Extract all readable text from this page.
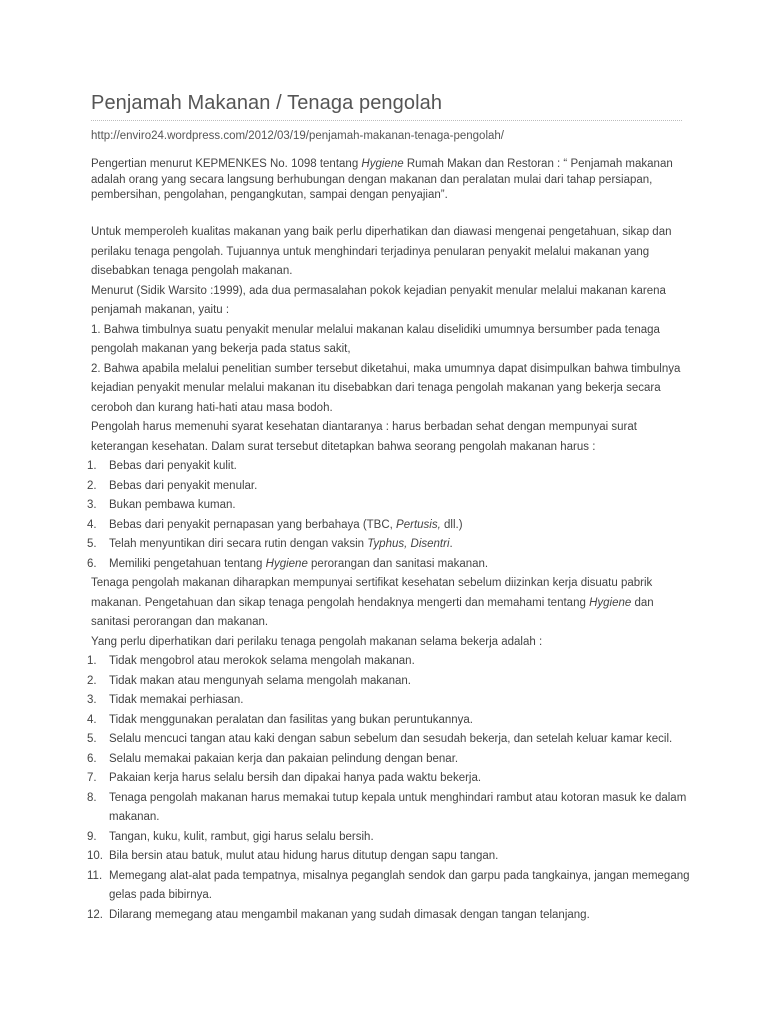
Penjamah Makanan / Tenaga pengolah
http://enviro24.wordpress.com/2012/03/19/penjamah-makanan-tenaga-pengolah/
Pengertian menurut KEPMENKES No. 1098 tentang Hygiene Rumah Makan dan Restoran : “ Penjamah makanan adalah orang yang secara langsung berhubungan dengan makanan dan peralatan mulai dari tahap persiapan, pembersihan, pengolahan, pengangkutan, sampai dengan penyajian”.

Untuk memperoleh kualitas makanan yang baik perlu diperhatikan dan diawasi mengenai pengetahuan, sikap dan perilaku tenaga pengolah. Tujuannya untuk menghindari terjadinya penularan penyakit melalui makanan yang disebabkan tenaga pengolah makanan.

Menurut (Sidik Warsito :1999), ada dua permasalahan pokok kejadian penyakit menular melalui makanan karena penjamah makanan, yaitu :

1. Bahwa timbulnya suatu penyakit menular melalui makanan kalau diselidiki umumnya bersumber pada tenaga pengolah makanan yang bekerja pada status sakit,

2. Bahwa apabila melalui penelitian sumber tersebut diketahui, maka umumnya dapat disimpulkan bahwa timbulnya kejadian penyakit menular melalui makanan itu disebabkan dari tenaga pengolah makanan yang bekerja secara ceroboh dan kurang hati-hati atau masa bodoh.

Pengolah harus memenuhi syarat kesehatan diantaranya : harus berbadan sehat dengan mempunyai surat keterangan kesehatan. Dalam surat tersebut ditetapkan bahwa seorang pengolah makanan harus :

1.	Bebas dari penyakit kulit.
2.	Bebas dari penyakit menular.
3.	Bukan pembawa kuman.
4.	Bebas dari penyakit pernapasan yang berbahaya (TBC, Pertusis, dll.)
5.	Telah menyuntikan diri secara rutin dengan vaksin Typhus, Disentri.
6.	Memiliki pengetahuan tentang Hygiene perorangan dan sanitasi makanan.

Tenaga pengolah makanan diharapkan mempunyai sertifikat kesehatan sebelum diizinkan kerja disuatu pabrik makanan. Pengetahuan dan sikap tenaga pengolah hendaknya mengerti dan memahami tentang Hygiene dan sanitasi perorangan dan makanan.

Yang perlu diperhatikan dari perilaku tenaga pengolah makanan selama bekerja adalah :

1.	Tidak mengobrol atau merokok selama mengolah makanan.
2.	Tidak makan atau mengunyah selama mengolah makanan.
3.	Tidak memakai perhiasan.
4.	Tidak menggunakan peralatan dan fasilitas yang bukan peruntukannya.
5.	Selalu mencuci tangan atau kaki dengan sabun sebelum dan sesudah bekerja, dan setelah keluar kamar kecil.
6.	Selalu memakai pakaian kerja dan pakaian pelindung dengan benar.
7.	Pakaian kerja harus selalu bersih dan dipakai hanya pada waktu bekerja.
8.	Tenaga pengolah makanan harus memakai tutup kepala untuk menghindari rambut atau kotoran masuk ke dalam makanan.
9.	Tangan, kuku, kulit, rambut, gigi harus selalu bersih.
10. Bila bersin atau batuk, mulut atau hidung harus ditutup dengan sapu tangan.
11. Memegang alat-alat pada tempatnya, misalnya peganglah sendok dan garpu pada tangkainya, jangan memegang gelas pada bibirnya.
12. Dilarang memegang atau mengambil makanan yang sudah dimasak dengan tangan telanjang.
